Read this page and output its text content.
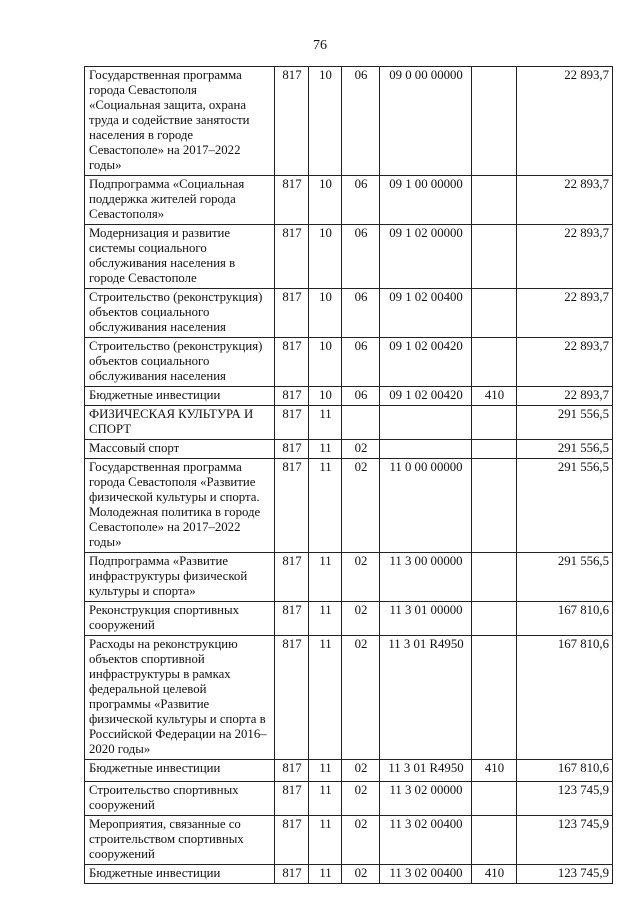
76
Государственная программа города Севастополя «Социальная защита, охрана труда и содействие занятости населения в городе Севастополе» на 2017–2022 годы»	817	10	06	09 0 00 00000		22 893,7
Подпрограмма «Социальная поддержка жителей города Севастополя»	817	10	06	09 1 00 00000		22 893,7
Модернизация и развитие системы социального обслуживания населения в городе Севастополе	817	10	06	09 1 02 00000		22 893,7
Строительство (реконструкция) объектов социального обслуживания населения	817	10	06	09 1 02 00400		22 893,7
Строительство (реконструкция) объектов социального обслуживания населения	817	10	06	09 1 02 00420		22 893,7
Бюджетные инвестиции	817	10	06	09 1 02 00420	410	22 893,7
ФИЗИЧЕСКАЯ КУЛЬТУРА И СПОРТ	817	11				291 556,5
Массовый спорт	817	11	02			291 556,5
Государственная программа города Севастополя «Развитие физической культуры и спорта. Молодежная политика в городе Севастополе» на 2017–2022 годы»	817	11	02	11 0 00 00000		291 556,5
Подпрограмма «Развитие инфраструктуры физической культуры и спорта»	817	11	02	11 3 00 00000		291 556,5
Реконструкция спортивных сооружений	817	11	02	11 3 01 00000		167 810,6
Расходы на реконструкцию объектов спортивной инфраструктуры в рамках федеральной целевой программы «Развитие физической культуры и спорта в Российской Федерации на 2016–2020 годы»	817	11	02	11 3 01 R4950		167 810,6
Бюджетные инвестиции	817	11	02	11 3 01 R4950	410	167 810,6
Строительство спортивных сооружений	817	11	02	11 3 02 00000		123 745,9
Мероприятия, связанные со строительством спортивных сооружений	817	11	02	11 3 02 00400		123 745,9
Бюджетные инвестиции	817	11	02	11 3 02 00400	410	123 745,9
